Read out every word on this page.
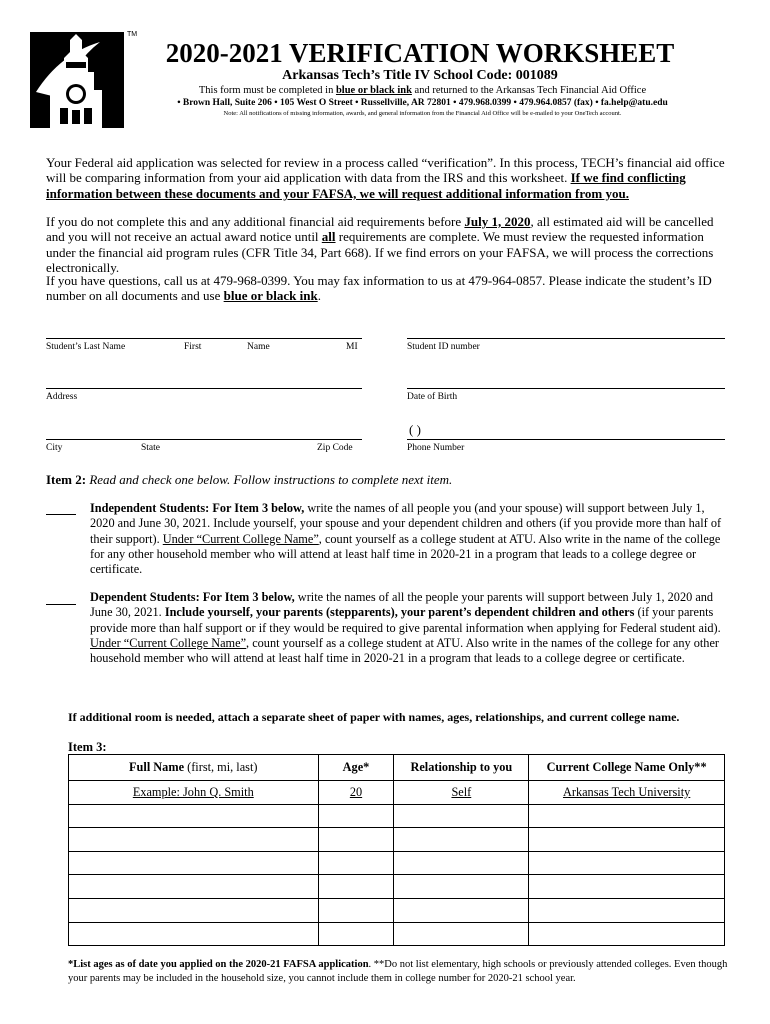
TM
2020-2021 VERIFICATION WORKSHEET
Arkansas Tech’s Title IV School Code: 001089
This form must be completed in blue or black ink and returned to the Arkansas Tech Financial Aid Office
• Brown Hall, Suite 206 • 105 West O Street • Russellville, AR 72801 • 479.968.0399 • 479.964.0857 (fax) • fa.help@atu.edu
Note: All notifications of missing information, awards, and general information from the Financial Aid Office will be e-mailed to your OneTech account.
Your Federal aid application was selected for review in a process called “verification”. In this process, TECH’s financial aid office will be comparing information from your aid application with data from the IRS and this worksheet. If we find conflicting information between these documents and your FAFSA, we will request additional information from you.
If you do not complete this and any additional financial aid requirements before July 1, 2020, all estimated aid will be cancelled and you will not receive an actual award notice until all requirements are complete. We must review the requested information under the financial aid program rules (CFR Title 34, Part 668). If we find errors on your FAFSA, we will process the corrections electronically.
If you have questions, call us at 479-968-0399. You may fax information to us at 479-964-0857. Please indicate the student’s ID number on all documents and use blue or black ink.
Student’s Last Name	First	Name	MI	Student ID number
Address	Date of Birth
City	State	Zip Code
( )
Phone Number
Item 2: Read and check one below. Follow instructions to complete next item.
Independent Students: For Item 3 below, write the names of all people you (and your spouse) will support between July 1, 2020 and June 30, 2021. Include yourself, your spouse and your dependent children and others (if you provide more than half of their support). Under “Current College Name”, count yourself as a college student at ATU. Also write in the name of the college for any other household member who will attend at least half time in 2020-21 in a program that leads to a college degree or certificate.
Dependent Students: For Item 3 below, write the names of all the people your parents will support between July 1, 2020 and June 30, 2021. Include yourself, your parents (stepparents), your parent’s dependent children and others (if your parents provide more than half support or if they would be required to give parental information when applying for Federal student aid). Under “Current College Name”, count yourself as a college student at ATU. Also write in the names of the college for any other household member who will attend at least half time in 2020-21 in a program that leads to a college degree or certificate.
If additional room is needed, attach a separate sheet of paper with names, ages, relationships, and current college name.
Item 3:
Full Name (first, mi, last)	Age*	Relationship to you	Current College Name Only**
Example: John Q. Smith	20	Self	Arkansas Tech University

*List ages as of date you applied on the 2020-21 FAFSA application. **Do not list elementary, high schools or previously attended colleges. Even though your parents may be included in the household size, you cannot include them in college number for 2020-21 school year.
